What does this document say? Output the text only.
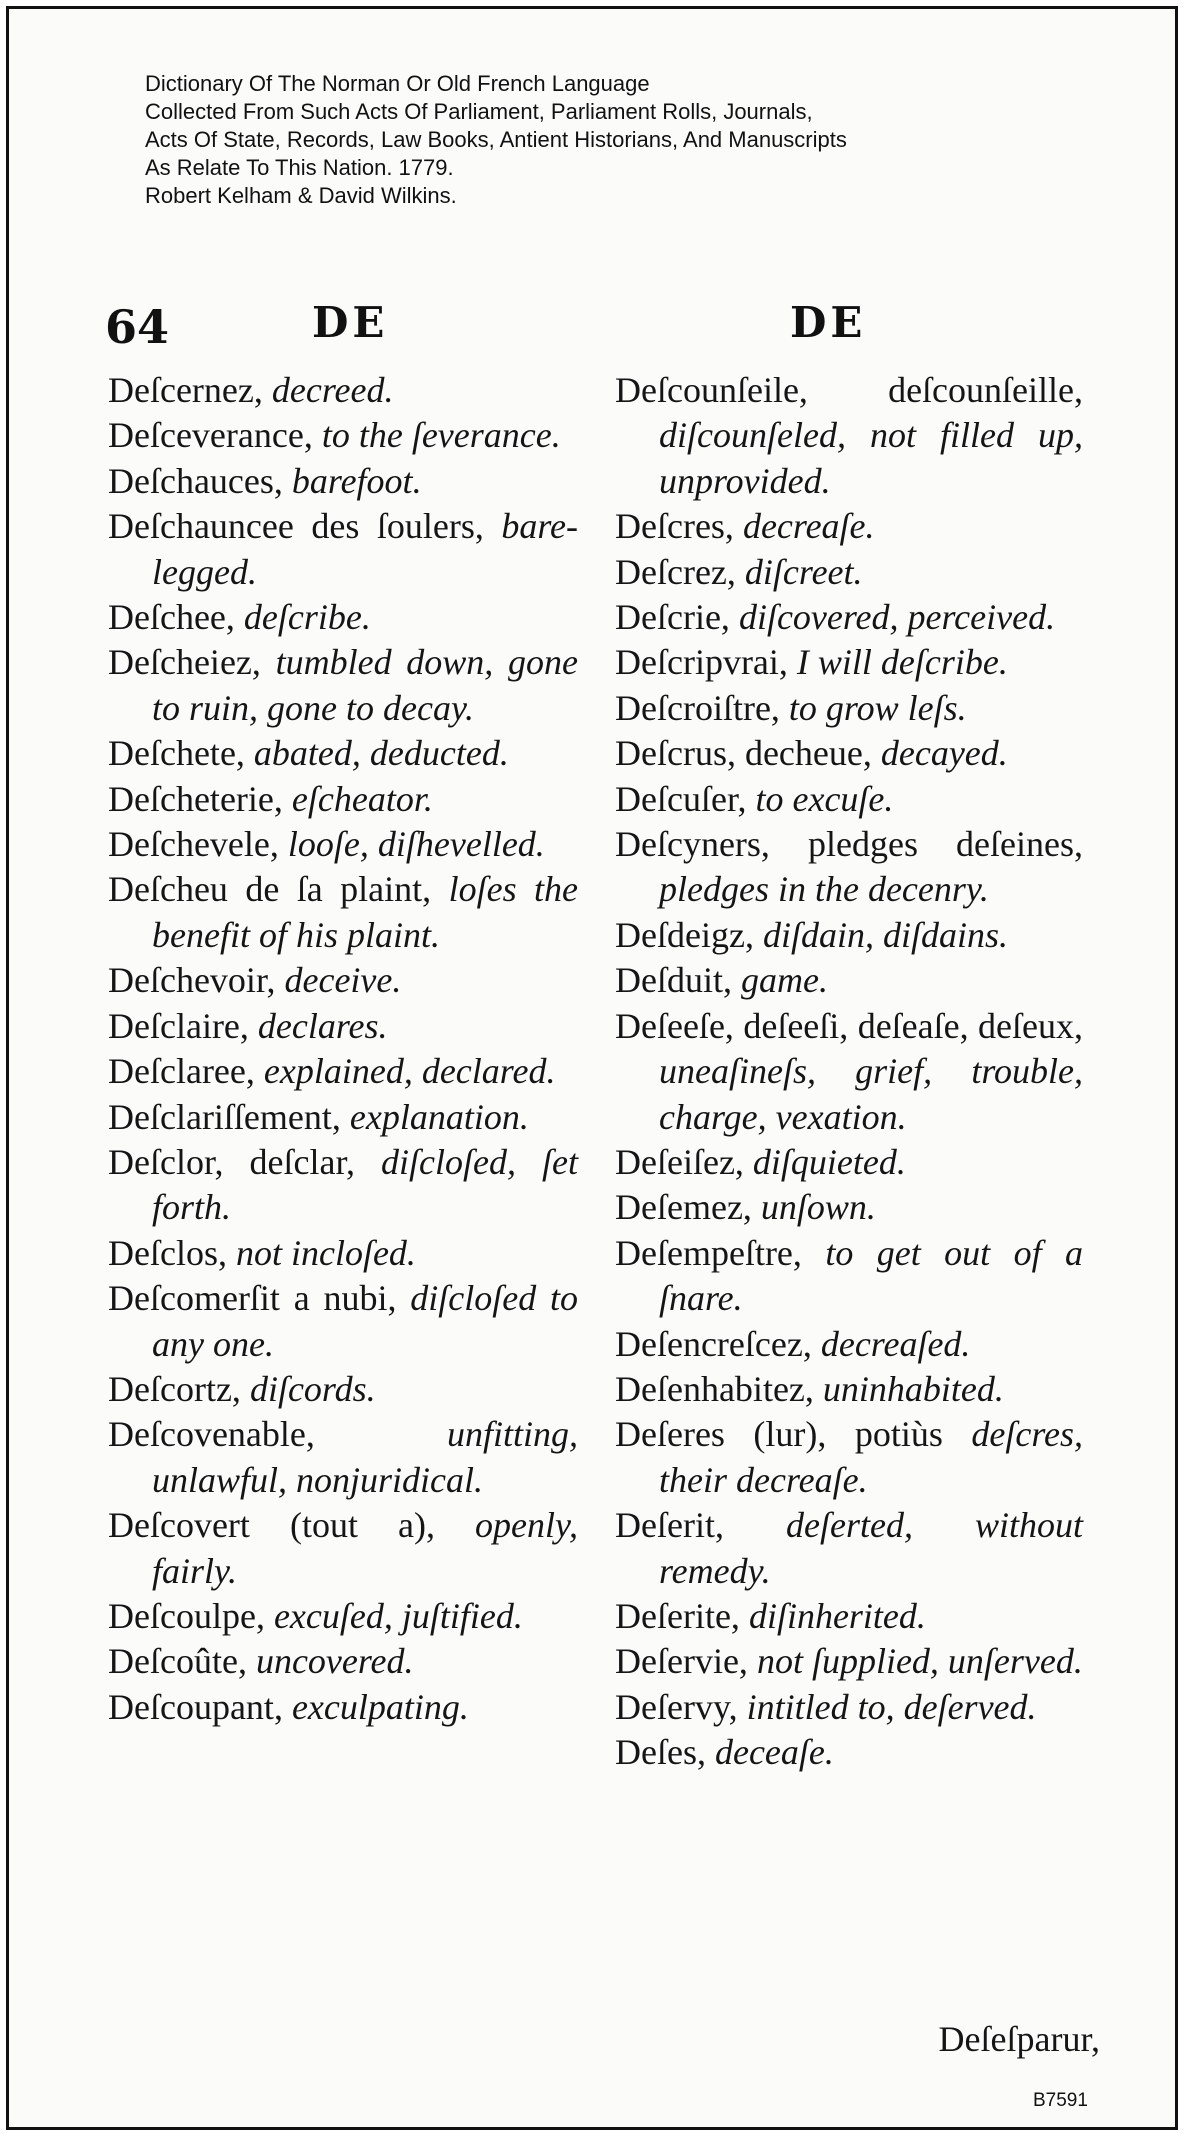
Dictionary Of The Norman Or Old French Language
Collected From Such Acts Of Parliament, Parliament Rolls, Journals,
Acts Of State, Records, Law Books, Antient Historians, And Manuscripts
As Relate To This Nation. 1779.
Robert Kelham & David Wilkins.
64	DE	DE

Deſcernez, decreed.

Deſceverance, to the ſeverance.

Deſchauces, barefoot.

Deſchauncee des ſoulers, bare-legged.

Deſchee, deſcribe.

Deſcheiez, tumbled down, gone to ruin, gone to decay.

Deſchete, abated, deducted.

Deſcheterie, eſcheator.

Deſchevele, looſe, diſhevelled.

Deſcheu de ſa plaint, loſes the benefit of his plaint.

Deſchevoir, deceive.

Deſclaire, declares.

Deſclaree, explained, declared.

Deſclariſſement, explanation.

Deſclor, deſclar, diſcloſed, ſet forth.

Deſclos, not incloſed.

Deſcomerſit a nubi, diſcloſed to any one.

Deſcortz, diſcords.

Deſcovenable,	unfitting, unlawful, nonjuridical.

Deſcovert (tout a), openly, fairly.

Deſcoulpe, excuſed, juſtified.

Deſcoûte, uncovered.

Deſcoupant, exculpating.

Deſcounſeile, deſcounſeille, diſcounſeled, not filled up, unprovided.

Deſcres, decreaſe.

Deſcrez, diſcreet.

Deſcrie, diſcovered, perceived.

Deſcripvrai, I will deſcribe.

Deſcroiſtre, to grow leſs.

Deſcrus, decheue, decayed.

Deſcuſer, to excuſe.

Deſcyners, pledges deſeines, pledges in the decenry.

Deſdeigz, diſdain, diſdains.

Deſduit, game.

Deſeeſe, deſeeſi, deſeaſe, deſeux, uneaſineſs, grief, trouble, charge, vexation.

Deſeiſez, diſquieted.

Deſemez, unſown.

Deſempeſtre, to get out of a ſnare.

Deſencreſcez, decreaſed.

Deſenhabitez, uninhabited.

Deſeres (lur), potiùs deſcres, their decreaſe.

Deſerit, deſerted, without remedy.

Deſerite, diſinherited.

Deſervie, not ſupplied, unſerved.

Deſervy, intitled to, deſerved.

Deſes, deceaſe.

Deſeſparur,
B7591
